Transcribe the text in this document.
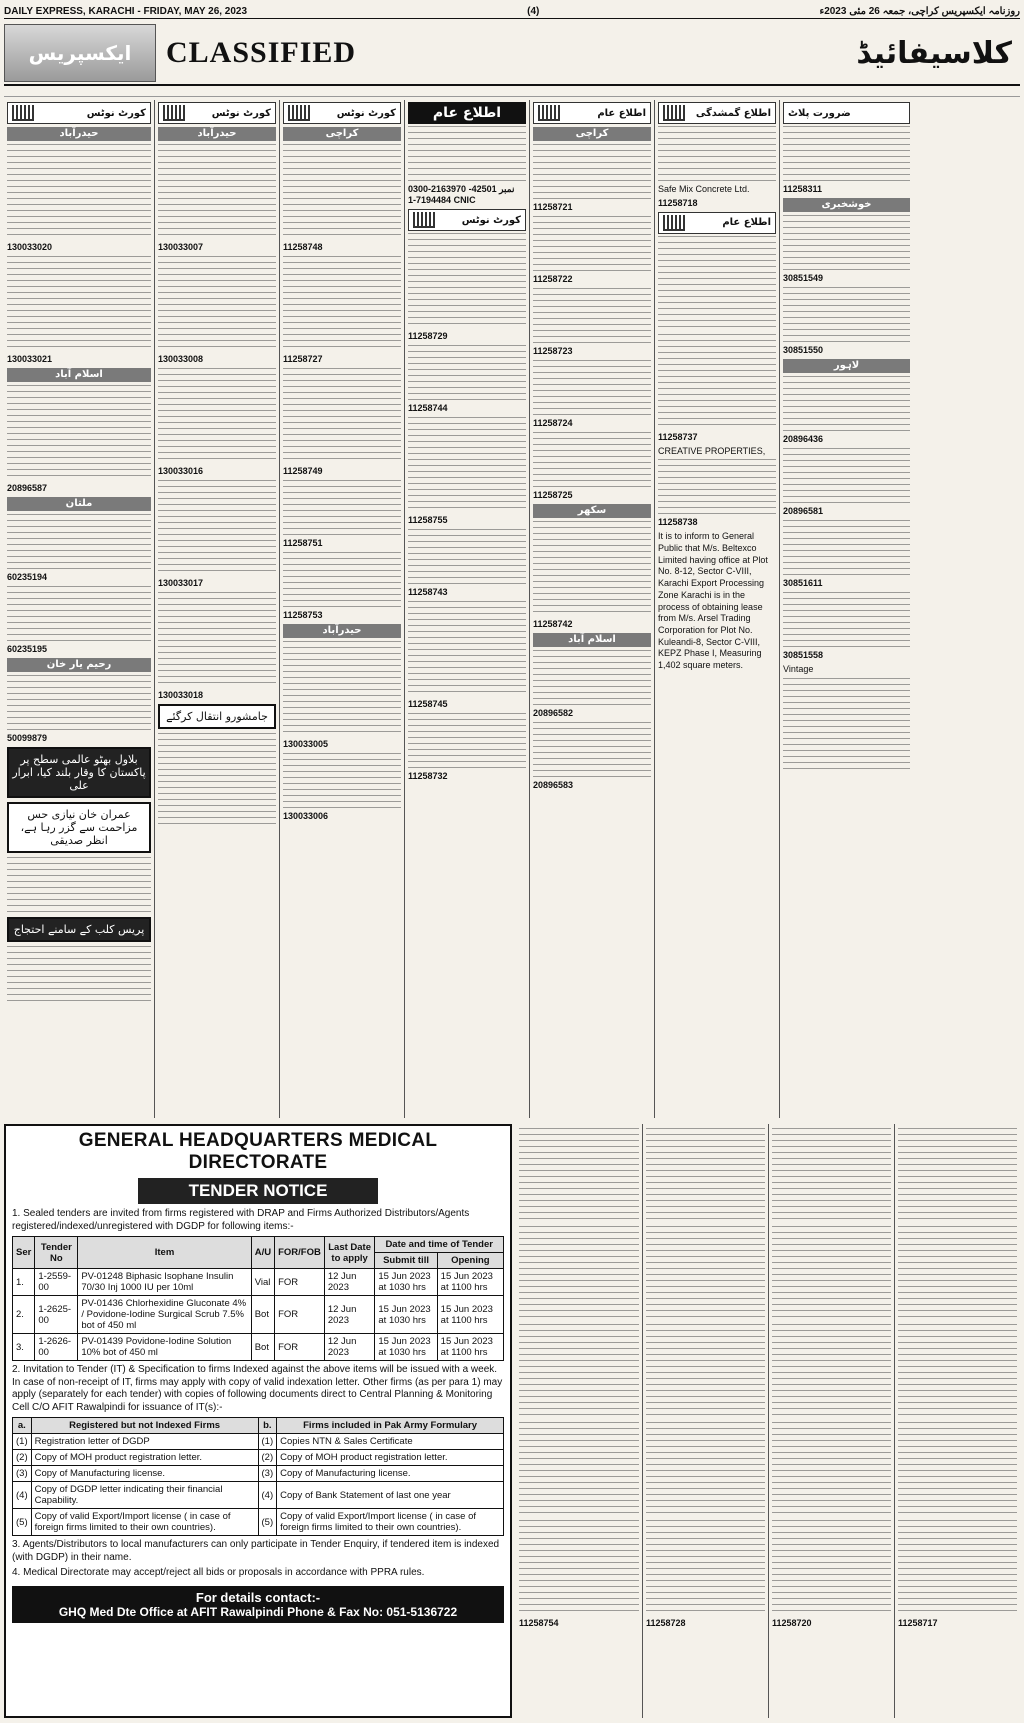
DAILY EXPRESS, KARACHI - FRIDAY, MAY 26, 2023	(4)	روزنامہ ایکسپریس کراچی، جمعہ 26 مئی 2023ء
ایکسپریس CLASSIFIED	کلاسیفائیڈ
کورٹ نوٹس
حیدرآباد
130033020
130033021
اسلام آباد
20896587
ملتان
60235194
60235195
رحیم یار خان
50099879
بلاول بھٹو عالمی سطح پر پاکستان کا وقار بلند کیا، ابرار علی
عمران خان نیازی حس مزاحمت سے گزر رہا ہے، انظر صدیقی
پریس کلب کے سامنے احتجاج
کورٹ نوٹس
حیدرآباد
130033007
130033008
130033016
130033017
130033018
جامشورو انتقال کرگئے
کورٹ نوٹس
کراچی
11258748
11258727
11258749
11258751
11258753
حیدرآباد
130033005
130033006
اطلاع عام
0300-2163970 نمبر 42501-7194484-1 CNIC
کورٹ نوٹس
11258729
11258744
11258755
11258743
11258745
11258732
اطلاع عام
کراچی
11258721
11258722
11258723
11258724
11258725
سکھر
11258742
اسلام آباد
20896582
20896583
اطلاع گمشدگی
Safe Mix Concrete Ltd.
11258718
اطلاع عام
11258737
CREATIVE PROPERTIES,
11258738
It is to inform to General Public that M/s. Beltexco Limited having office at Plot No. 8-12, Sector C-VIII, Karachi Export Processing Zone Karachi is in the process of obtaining lease from M/s. Arsel Trading Corporation for Plot No. Kuleandi-8, Sector C-VIII, KEPZ Phase I, Measuring 1,402 square meters.
ضرورت پلاٹ
11258311
خوشخبری
30851549
30851550
لاہور
20896436
20896581
30851611
30851558
Vintage
GENERAL HEADQUARTERS MEDICAL DIRECTORATE
TENDER NOTICE

1. Sealed tenders are invited from firms registered with DRAP and Firms Authorized Distributors/Agents registered/indexed/unregistered with DGDP for following items:-

Ser	Tender No	Item	A/U	FOR/FOB	Last Date to apply	Date and time of Tender	
						Submit till	Opening
1.	1-2559-00	PV-01248 Biphasic Isophane Insulin 70/30 Inj 1000 IU per 10ml	Vial	FOR	12 Jun 2023	15 Jun 2023 at 1030 hrs	15 Jun 2023 at 1100 hrs
2.	1-2625-00	PV-01436 Chlorhexidine Gluconate 4% / Povidone-Iodine Surgical Scrub 7.5% bot of 450 ml	Bot	FOR	12 Jun 2023	15 Jun 2023 at 1030 hrs	15 Jun 2023 at 1100 hrs
3.	1-2626-00	PV-01439 Povidone-Iodine Solution 10% bot of 450 ml	Bot	FOR	12 Jun 2023	15 Jun 2023 at 1030 hrs	15 Jun 2023 at 1100 hrs

2. Invitation to Tender (IT) & Specification to firms Indexed against the above items will be issued with a week. In case of non-receipt of IT, firms may apply with copy of valid indexation letter. Other firms (as per para 1) may apply (separately for each tender) with copies of following documents direct to Central Planning & Monitoring Cell C/O AFIT Rawalpindi for issuance of IT(s):-

a.	Registered but not Indexed Firms	b.	Firms included in Pak Army Formulary
(1)	Registration letter of DGDP	(1)	Copies NTN & Sales Certificate
(2)	Copy of MOH product registration letter.	(2)	Copy of MOH product registration letter.
(3)	Copy of Manufacturing license.	(3)	Copy of Manufacturing license.
(4)	Copy of DGDP letter indicating their financial Capability.	(4)	Copy of Bank Statement of last one year
(5)	Copy of valid Export/Import license ( in case of foreign firms limited to their own countries).	(5)	Copy of valid Export/Import license ( in case of foreign firms limited to their own countries).

3. Agents/Distributors to local manufacturers can only participate in Tender Enquiry, if tendered item is indexed (with DGDP) in their name.

4. Medical Directorate may accept/reject all bids or proposals in accordance with PPRA rules.

For details contact:-
GHQ Med Dte Office at AFIT Rawalpindi Phone & Fax No: 051-5136722
11258754	11258728	11258720	11258717
